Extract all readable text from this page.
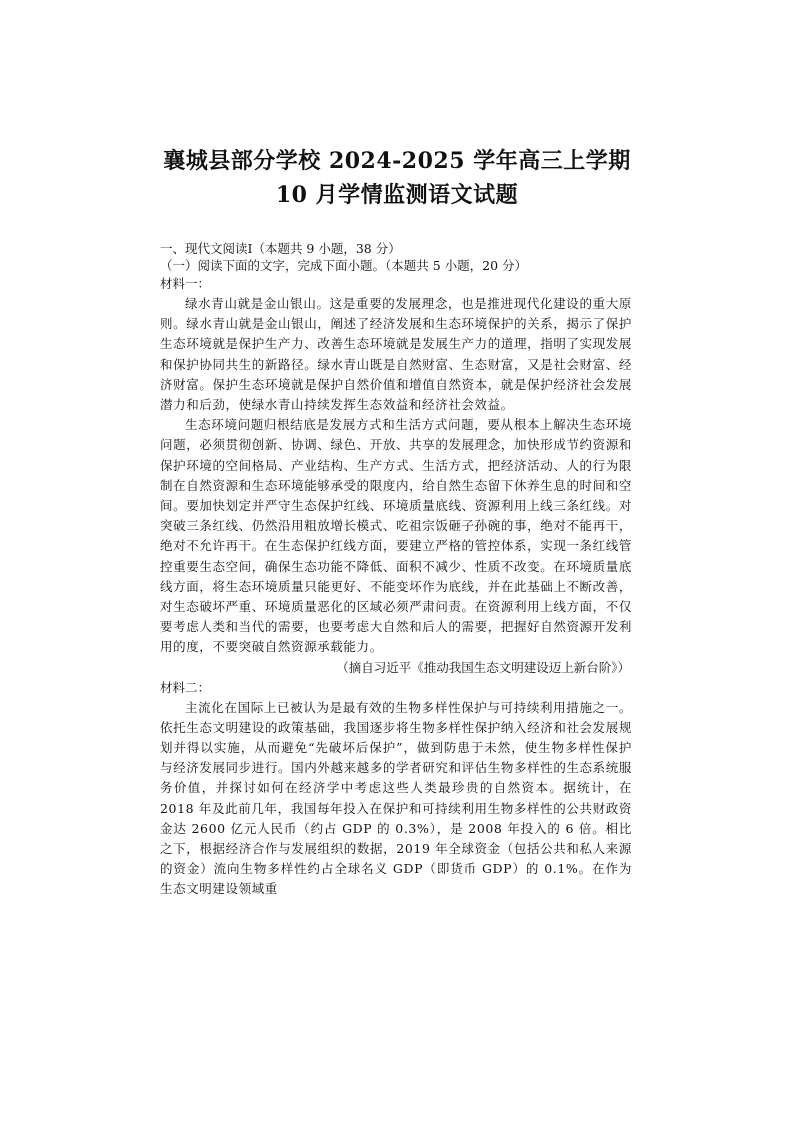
襄城县部分学校 2024-2025 学年高三上学期
10 月学情监测语文试题
一、现代文阅读Ⅰ（本题共 9 小题，38 分）
（一）阅读下面的文字，完成下面小题。（本题共 5 小题，20 分）
材料一：

绿水青山就是金山银山。这是重要的发展理念，也是推进现代化建设的重大原则。绿水青山就是金山银山，阐述了经济发展和生态环境保护的关系，揭示了保护生态环境就是保护生产力、改善生态环境就是发展生产力的道理，指明了实现发展和保护协同共生的新路径。绿水青山既是自然财富、生态财富，又是社会财富、经济财富。保护生态环境就是保护自然价值和增值自然资本，就是保护经济社会发展潜力和后劲，使绿水青山持续发挥生态效益和经济社会效益。

生态环境问题归根结底是发展方式和生活方式问题，要从根本上解决生态环境问题，必须贯彻创新、协调、绿色、开放、共享的发展理念，加快形成节约资源和保护环境的空间格局、产业结构、生产方式、生活方式，把经济活动、人的行为限制在自然资源和生态环境能够承受的限度内，给自然生态留下休养生息的时间和空间。要加快划定并严守生态保护红线、环境质量底线、资源利用上线三条红线。对突破三条红线、仍然沿用粗放增长模式、吃祖宗饭砸子孙碗的事，绝对不能再干，绝对不允许再干。在生态保护红线方面，要建立严格的管控体系，实现一条红线管控重要生态空间，确保生态功能不降低、面积不减少、性质不改变。在环境质量底线方面，将生态环境质量只能更好、不能变坏作为底线，并在此基础上不断改善，对生态破坏严重、环境质量恶化的区域必须严肃问责。在资源利用上线方面，不仅要考虑人类和当代的需要，也要考虑大自然和后人的需要，把握好自然资源开发利用的度，不要突破自然资源承载能力。

（摘自习近平《推动我国生态文明建设迈上新台阶》）
材料二：

主流化在国际上已被认为是最有效的生物多样性保护与可持续利用措施之一。依托生态文明建设的政策基础，我国逐步将生物多样性保护纳入经济和社会发展规划并得以实施，从而避免“先破坏后保护”，做到防患于未然，使生物多样性保护与经济发展同步进行。国内外越来越多的学者研究和评估生物多样性的生态系统服务价值，并探讨如何在经济学中考虑这些人类最珍贵的自然资本。据统计，在 2018 年及此前几年，我国每年投入在保护和可持续利用生物多样性的公共财政资金达 2600 亿元人民币（约占 GDP 的 0.3%），是 2008 年投入的 6 倍。相比之下，根据经济合作与发展组织的数据，2019 年全球资金（包括公共和私人来源的资金）流向生物多样性约占全球名义 GDP（即货币 GDP）的 0.1%。在作为生态文明建设领域重
